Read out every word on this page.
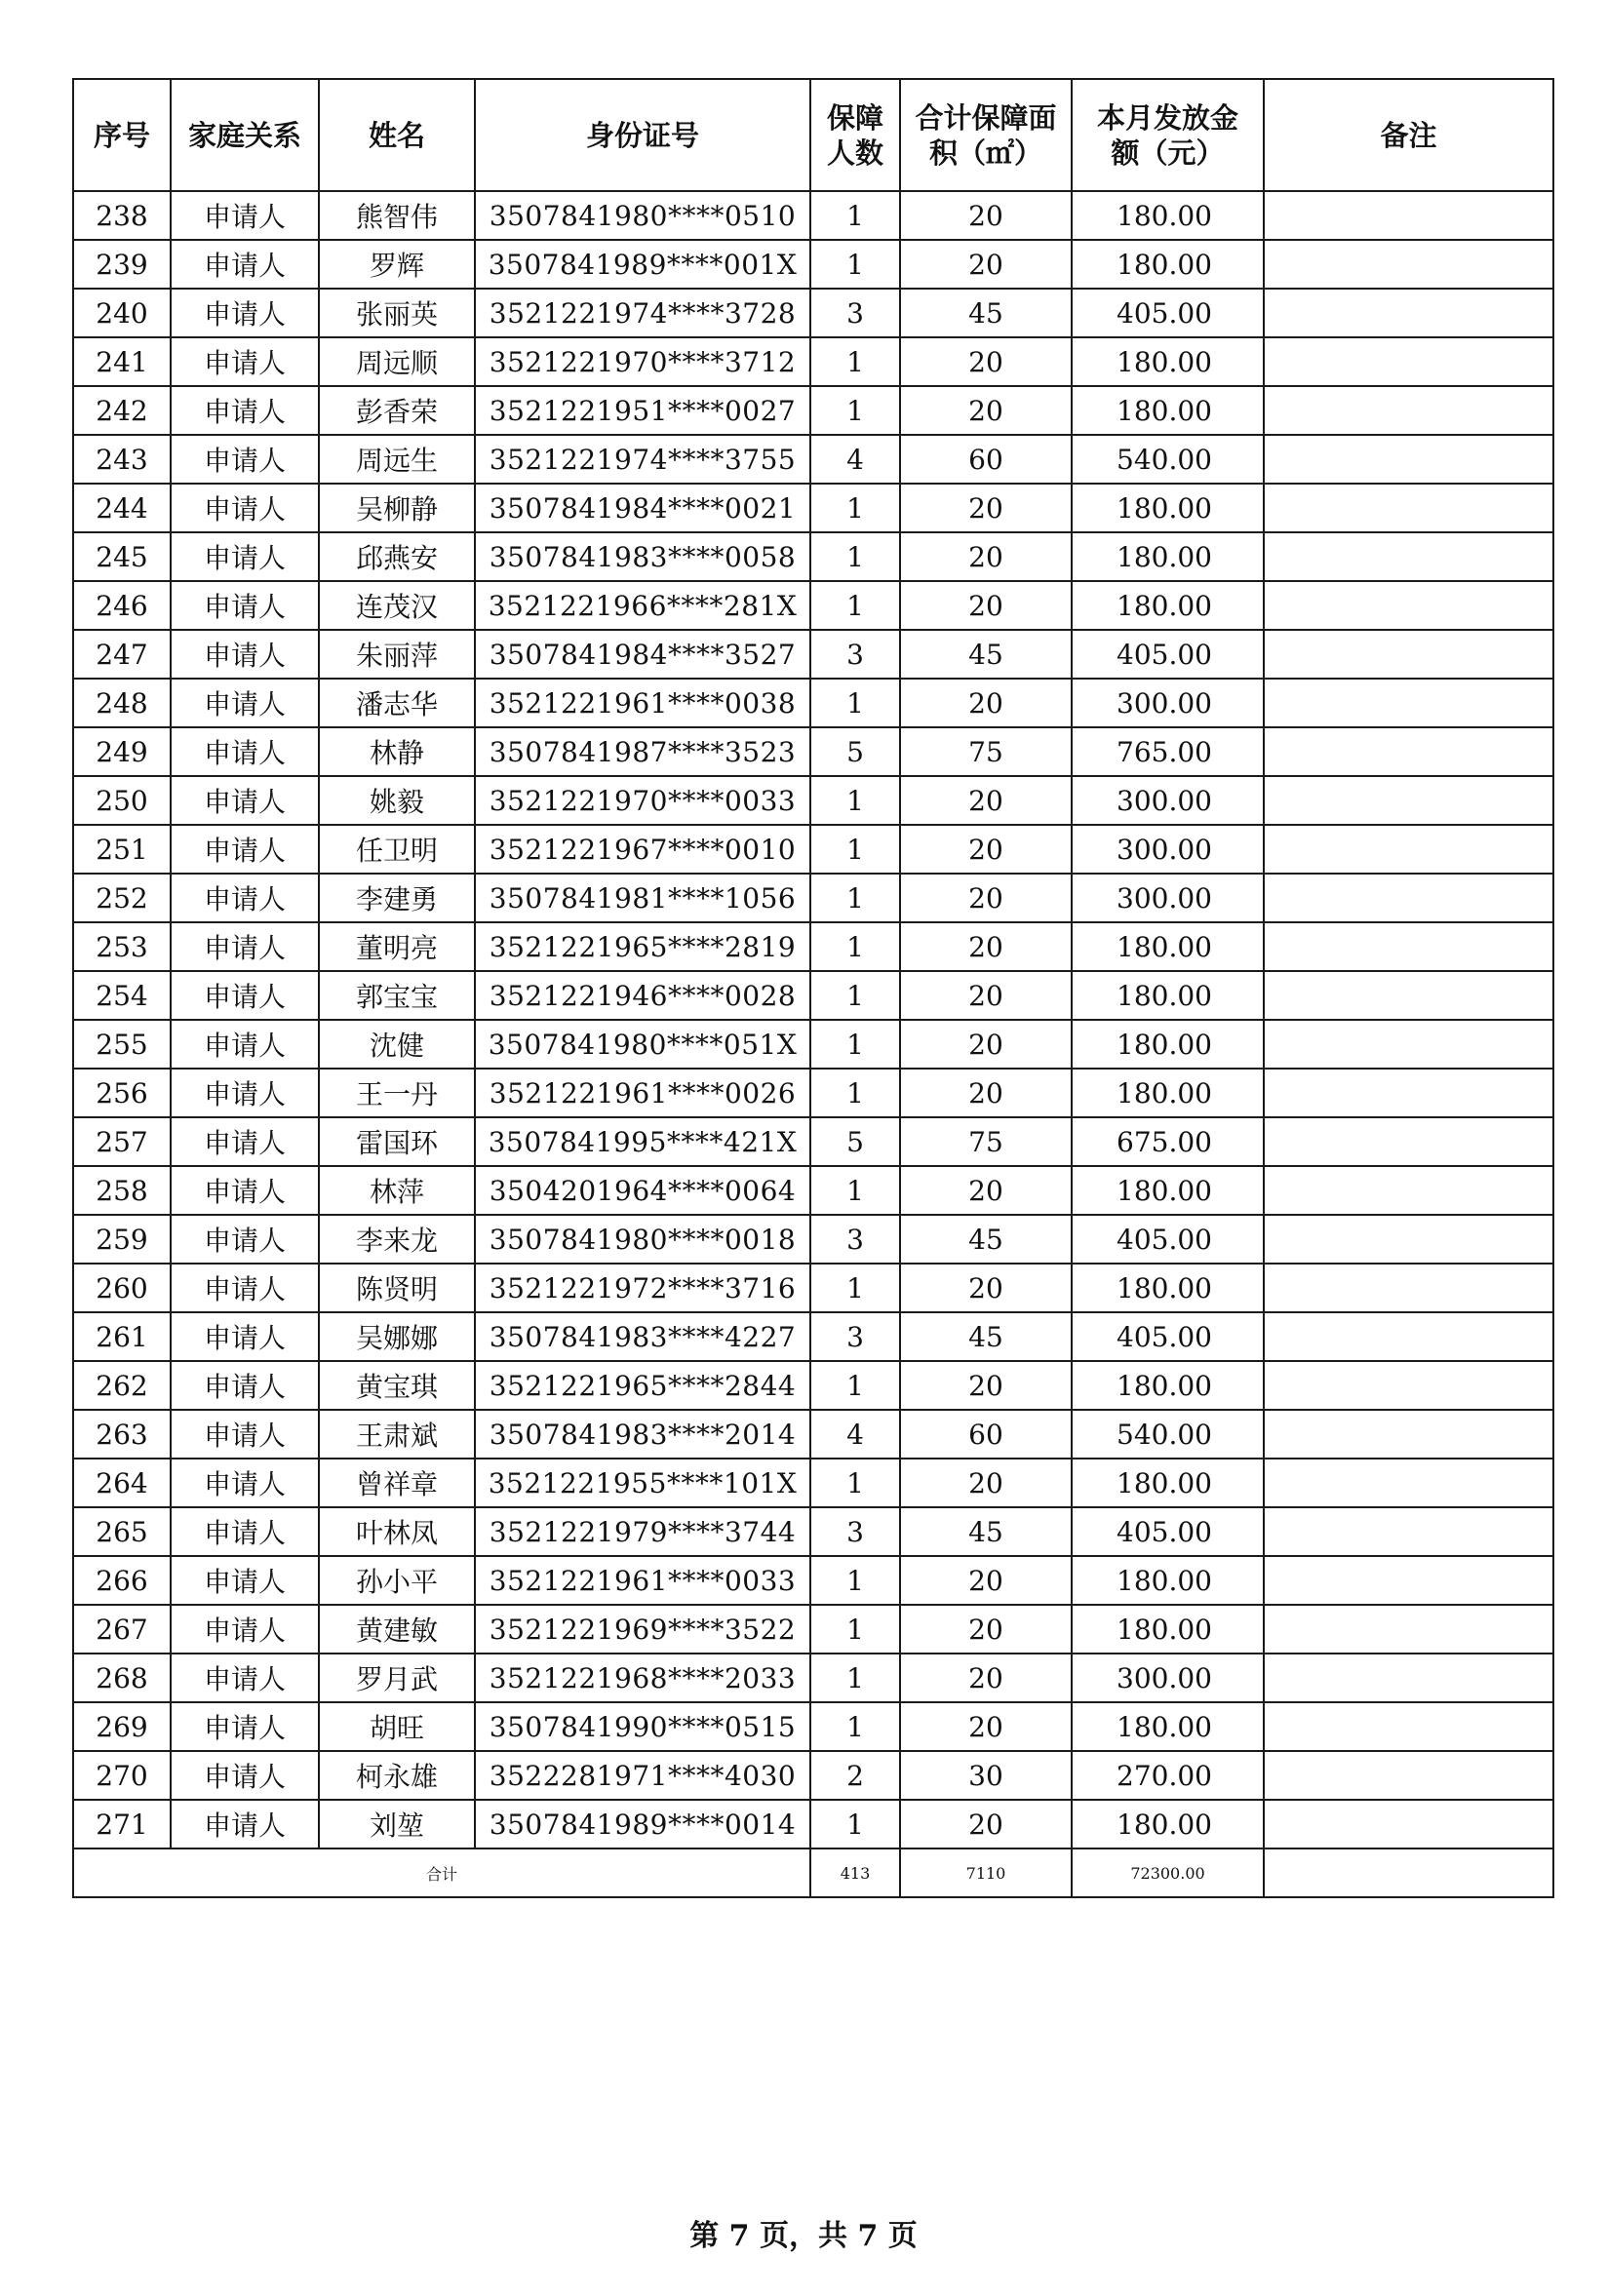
序号	家庭关系	姓名	身份证号	保障人数	合计保障面积（㎡）	本月发放金额（元）	备注
238	申请人	熊智伟	3507841980****0510	1	20	180.00	
239	申请人	罗辉	3507841989****001X	1	20	180.00	
240	申请人	张丽英	3521221974****3728	3	45	405.00	
241	申请人	周远顺	3521221970****3712	1	20	180.00	
242	申请人	彭香荣	3521221951****0027	1	20	180.00	
243	申请人	周远生	3521221974****3755	4	60	540.00	
244	申请人	吴柳静	3507841984****0021	1	20	180.00	
245	申请人	邱燕安	3507841983****0058	1	20	180.00	
246	申请人	连茂汉	3521221966****281X	1	20	180.00	
247	申请人	朱丽萍	3507841984****3527	3	45	405.00	
248	申请人	潘志华	3521221961****0038	1	20	300.00	
249	申请人	林静	3507841987****3523	5	75	765.00	
250	申请人	姚毅	3521221970****0033	1	20	300.00	
251	申请人	任卫明	3521221967****0010	1	20	300.00	
252	申请人	李建勇	3507841981****1056	1	20	300.00	
253	申请人	董明亮	3521221965****2819	1	20	180.00	
254	申请人	郭宝宝	3521221946****0028	1	20	180.00	
255	申请人	沈健	3507841980****051X	1	20	180.00	
256	申请人	王一丹	3521221961****0026	1	20	180.00	
257	申请人	雷国环	3507841995****421X	5	75	675.00	
258	申请人	林萍	3504201964****0064	1	20	180.00	
259	申请人	李来龙	3507841980****0018	3	45	405.00	
260	申请人	陈贤明	3521221972****3716	1	20	180.00	
261	申请人	吴娜娜	3507841983****4227	3	45	405.00	
262	申请人	黄宝琪	3521221965****2844	1	20	180.00	
263	申请人	王肃斌	3507841983****2014	4	60	540.00	
264	申请人	曾祥章	3521221955****101X	1	20	180.00	
265	申请人	叶林凤	3521221979****3744	3	45	405.00	
266	申请人	孙小平	3521221961****0033	1	20	180.00	
267	申请人	黄建敏	3521221969****3522	1	20	180.00	
268	申请人	罗月武	3521221968****2033	1	20	300.00	
269	申请人	胡旺	3507841990****0515	1	20	180.00	
270	申请人	柯永雄	3522281971****4030	2	30	270.00	
271	申请人	刘堃	3507841989****0014	1	20	180.00	
合计				413	7110	72300.00	
第 7 页，共 7 页
